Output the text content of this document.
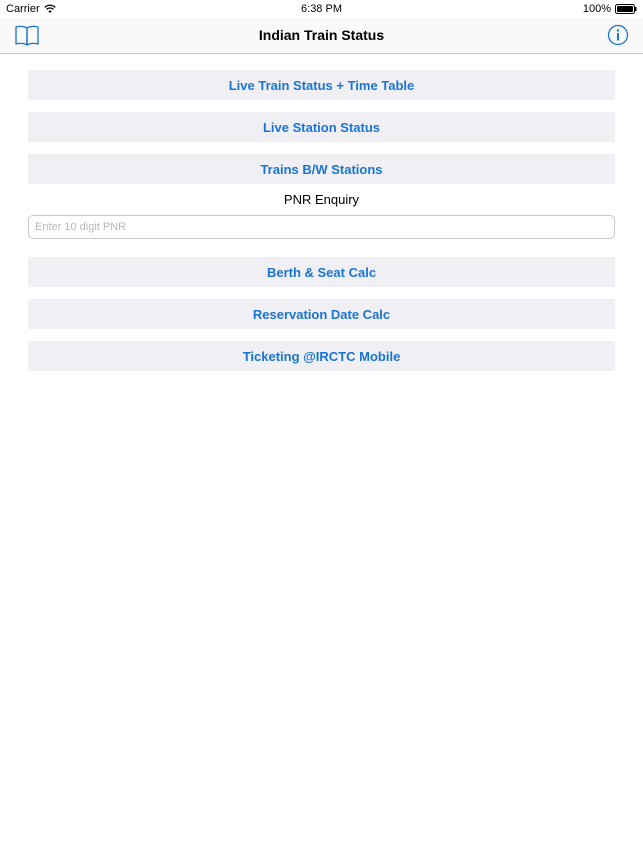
Carrier	6:38 PM	100%
Indian Train Status
Live Train Status + Time Table
Live Station Status
Trains B/W Stations
PNR Enquiry
Enter 10 digit PNR
Berth & Seat Calc
Reservation Date Calc
Ticketing @IRCTC Mobile
